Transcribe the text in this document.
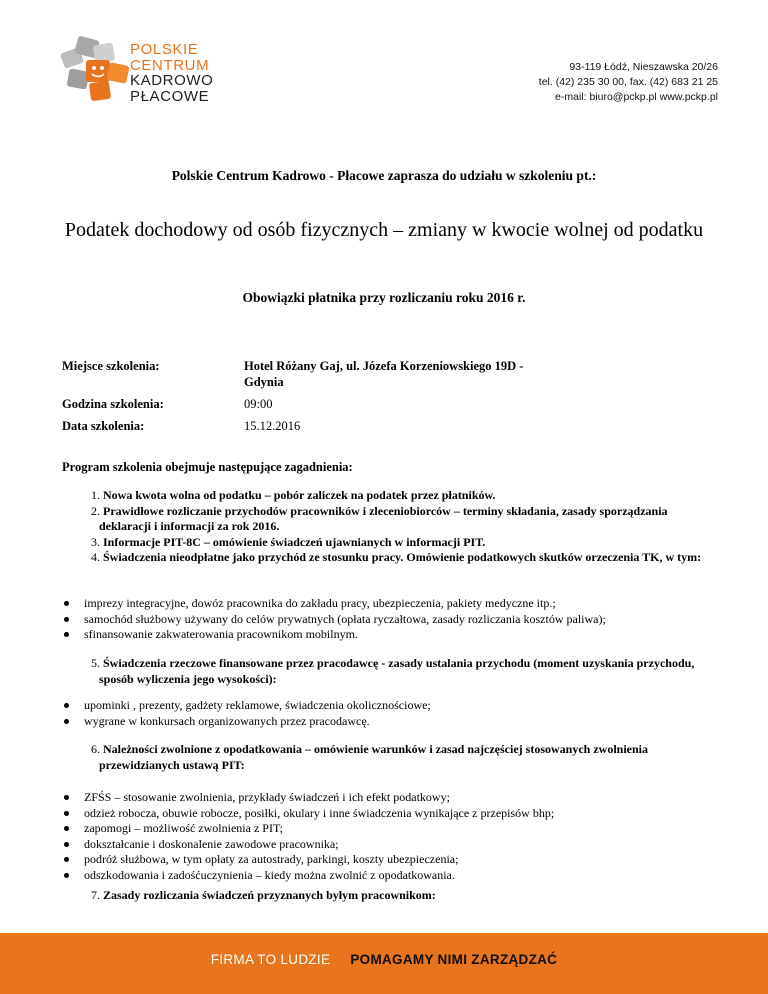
POLSKIE
CENTRUM
KADROWO
PŁACOWE
93-119 Łódź, Nieszawska 20/26
tel. (42) 235 30 00, fax. (42) 683 21 25
e-mail: biuro@pckp.pl www.pckp.pl
Polskie Centrum Kadrowo - Płacowe zaprasza do udziału w szkoleniu pt.:
Podatek dochodowy od osób fizycznych – zmiany w kwocie wolnej od podatku
Obowiązki płatnika przy rozliczaniu roku 2016 r.
Miejsce szkolenia:	Hotel Różany Gaj, ul. Józefa Korzeniowskiego 19D - Gdynia
Godzina szkolenia:	09:00
Data szkolenia:	15.12.2016
Program szkolenia obejmuje następujące zagadnienia:
1. Nowa kwota wolna od podatku – pobór zaliczek na podatek przez płatników.
2. Prawidłowe rozliczanie przychodów pracowników i zleceniobiorców – terminy składania, zasady sporządzania deklaracji i informacji za rok 2016.
3. Informacje PIT-8C – omówienie świadczeń ujawnianych w informacji PIT.
4. Świadczenia nieodpłatne jako przychód ze stosunku pracy. Omówienie podatkowych skutków orzeczenia TK, w tym:
imprezy integracyjne, dowóz pracownika do zakładu pracy, ubezpieczenia, pakiety medyczne itp.;
samochód służbowy używany do celów prywatnych (opłata ryczałtowa, zasady rozliczania kosztów paliwa);
sfinansowanie zakwaterowania pracownikom mobilnym.
5. Świadczenia rzeczowe finansowane przez pracodawcę - zasady ustalania przychodu (moment uzyskania przychodu, sposób wyliczenia jego wysokości):
upominki , prezenty, gadżety reklamowe, świadczenia okolicznościowe;
wygrane w konkursach organizowanych przez pracodawcę.
6. Należności zwolnione z opodatkowania – omówienie warunków i zasad najczęściej stosowanych zwolnienia przewidzianych ustawą PIT:
ZFŚS – stosowanie zwolnienia, przykłady świadczeń i ich efekt podatkowy;
odzież robocza, obuwie robocze, posiłki, okulary i inne świadczenia wynikające z przepisów bhp;
zapomogi – możliwość zwolnienia z PIT;
dokształcanie i doskonalenie zawodowe pracownika;
podróż służbowa, w tym opłaty za autostrady, parkingi, koszty ubezpieczenia;
odszkodowania i zadośćuczynienia – kiedy można zwolnić z opodatkowania.
7. Zasady rozliczania świadczeń przyznanych byłym pracownikom:
FIRMA TO LUDZIE POMAGAMY NIMI ZARZĄDZAĆ
